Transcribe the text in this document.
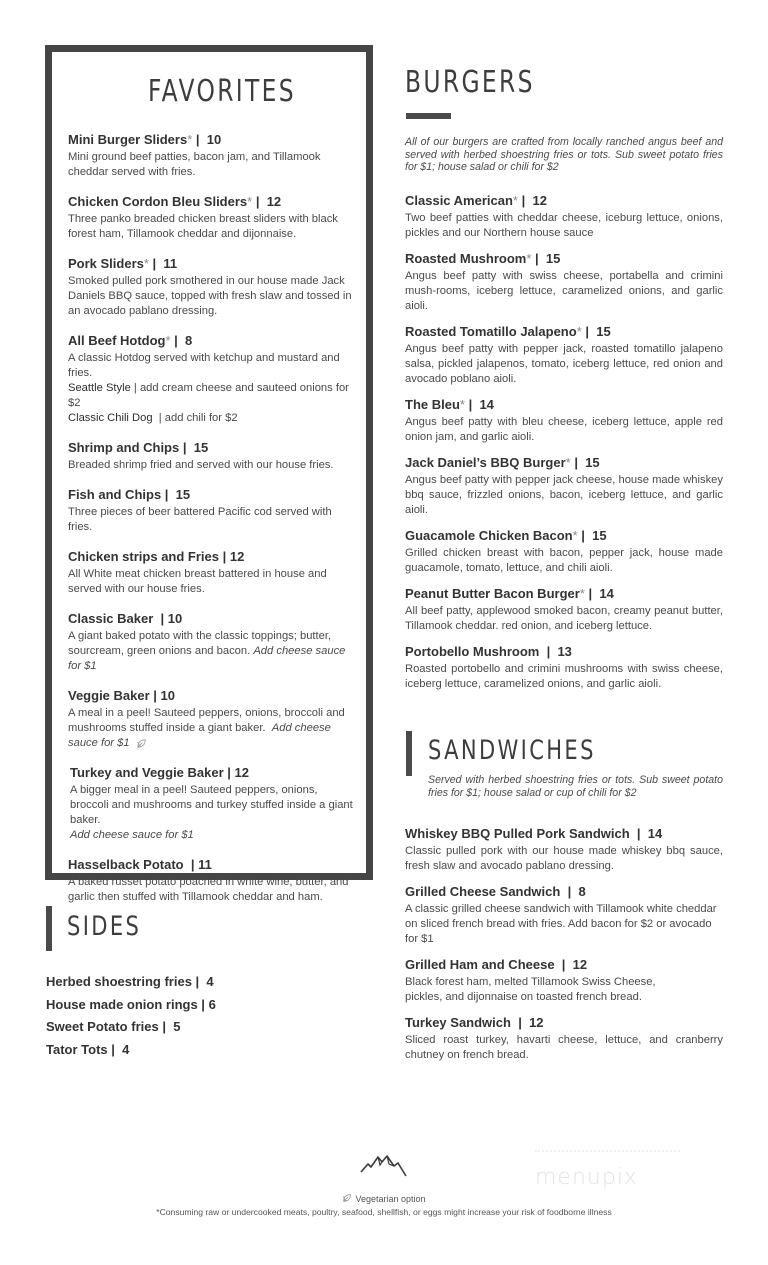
FAVORITES
Mini Burger Sliders* |  10
Mini ground beef patties, bacon jam, and Tillamook cheddar served with fries.
Chicken Cordon Bleu Sliders* |  12
Three panko breaded chicken breast sliders with black forest ham, Tillamook cheddar and dijonnaise.
Pork Sliders* |  11
Smoked pulled pork smothered in our house made Jack Daniels BBQ sauce, topped with fresh slaw and tossed in an avocado pablano dressing.
All Beef Hotdog* |  8
A classic Hotdog served with ketchup and mustard and fries.
Seattle Style | add cream cheese and sauteed onions for $2
Classic Chili Dog  | add chili for $2
Shrimp and Chips |  15
Breaded shrimp fried and served with our house fries.
Fish and Chips |  15
Three pieces of beer battered Pacific cod served with fries.
Chicken strips and Fries | 12
All White meat chicken breast battered in house and served with our house fries.
Classic Baker  | 10
A giant baked potato with the classic toppings; butter, sourcream, green onions and bacon. Add cheese sauce for $1
Veggie Baker | 10
A meal in a peel! Sauteed peppers, onions, broccoli and mushrooms stuffed inside a giant baker. Add cheese sauce for $1
Turkey and Veggie Baker | 12
A bigger meal in a peel! Sauteed peppers, onions, broccoli and mushrooms and turkey stuffed inside a giant baker.
Add cheese sauce for $1
Hasselback Potato  | 11
A baked russet potato poached in white wine, butter, and garlic then stuffed with Tillamook cheddar and ham.
SIDES
Herbed shoestring fries |  4
House made onion rings | 6
Sweet Potato fries |  5
Tator Tots |  4
BURGERS

All of our burgers are crafted from locally ranched angus beef and served with herbed shoestring fries or tots. Sub sweet potato fries for $1; house salad or chili for $2

Classic American* |  12
Two beef patties with cheddar cheese, iceburg lettuce, onions, pickles and our Northern house sauce
Roasted Mushroom* |  15
Angus beef patty with swiss cheese, portabella and crimini mush-rooms, iceberg lettuce, caramelized onions, and garlic aioli.
Roasted Tomatillo Jalapeno* |  15
Angus beef patty with pepper jack, roasted tomatillo jalapeno salsa, pickled jalapenos, tomato, iceberg lettuce, red onion and avocado poblano aioli.
The Bleu* |  14
Angus beef patty with bleu cheese, iceberg lettuce, apple red onion jam, and garlic aioli.
Jack Daniel’s BBQ Burger* |  15
Angus beef patty with pepper jack cheese, house made whiskey bbq sauce, frizzled onions, bacon, iceberg lettuce, and garlic aioli.
Guacamole Chicken Bacon* |  15
Grilled chicken breast with bacon, pepper jack, house made guacamole, tomato, lettuce, and chili aioli.
Peanut Butter Bacon Burger* |  14
All beef patty, applewood smoked bacon, creamy peanut butter, Tillamook cheddar. red onion, and iceberg lettuce.
Portobello Mushroom  |  13
Roasted portobello and crimini mushrooms with swiss cheese, iceberg lettuce, caramelized onions, and garlic aioli.
SANDWICHES

Served with herbed shoestring fries or tots. Sub sweet potato fries for $1; house salad or cup of chili for $2

Whiskey BBQ Pulled Pork Sandwich  |  14
Classic pulled pork with our house made whiskey bbq sauce, fresh slaw and avocado pablano dressing.
Grilled Cheese Sandwich  |  8
A classic grilled cheese sandwich with Tillamook white cheddar on sliced french bread with fries. Add bacon for $2 or avocado for $1
Grilled Ham and Cheese  |  12
Black forest ham, melted Tillamook Swiss Cheese, pickles, and dijonnaise on toasted french bread.
Turkey Sandwich  |  12
Sliced roast turkey, havarti cheese, lettuce, and cranberry chutney on french bread.
menupix
Vegetarian option
*Consuming raw or undercooked meats, poultry, seafood, shellfish, or eggs might increase your risk of foodborne illness
